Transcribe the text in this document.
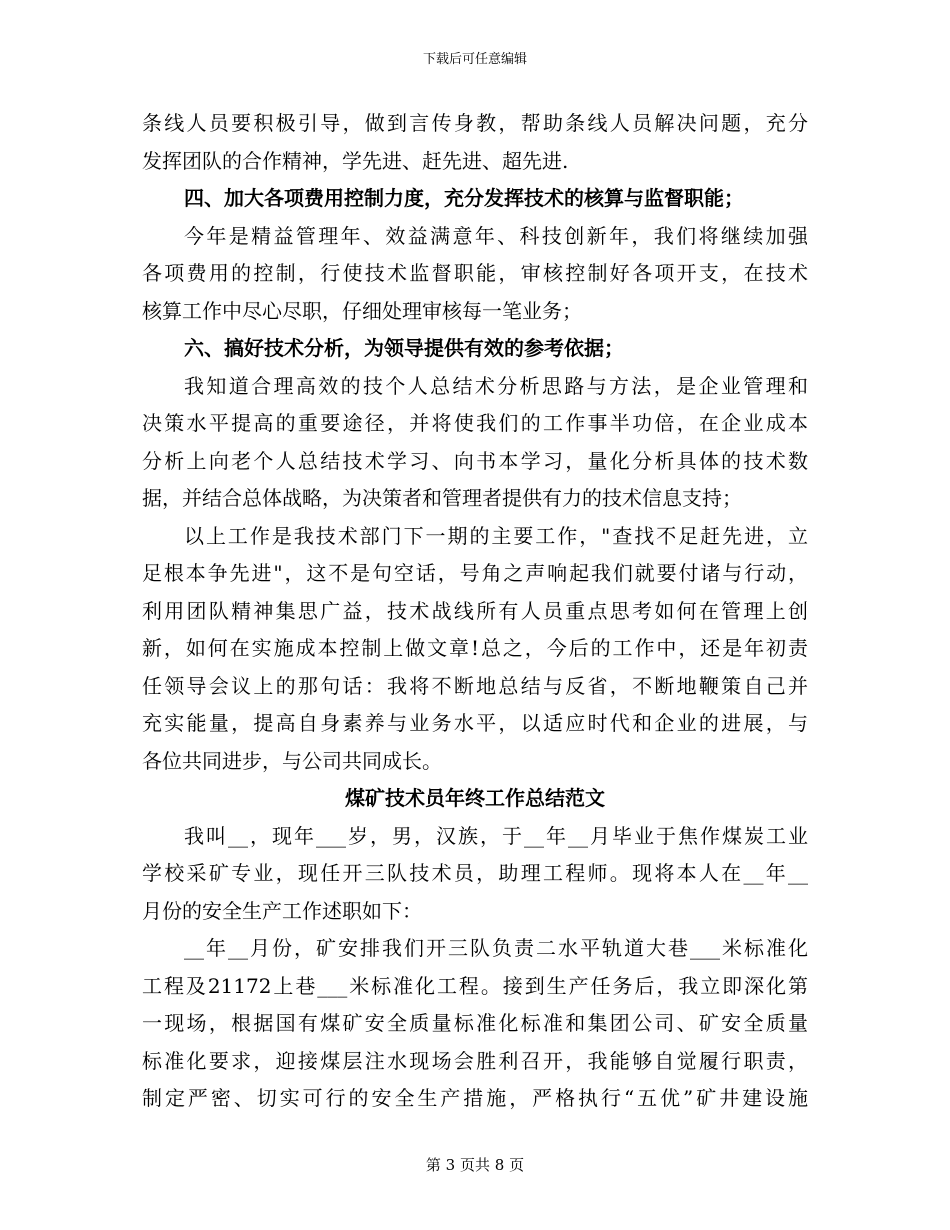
下载后可任意编辑
条线人员要积极引导，做到言传身教，帮助条线人员解决问题，充分
发挥团队的合作精神，学先进、赶先进、超先进.
四、加大各项费用控制力度，充分发挥技术的核算与监督职能；
今年是精益管理年、效益满意年、科技创新年，我们将继续加强
各项费用的控制，行使技术监督职能，审核控制好各项开支，在技术
核算工作中尽心尽职，仔细处理审核每一笔业务；
六、搞好技术分析，为领导提供有效的参考依据；
我知道合理高效的技个人总结术分析思路与方法，是企业管理和
决策水平提高的重要途径，并将使我们的工作事半功倍，在企业成本
分析上向老个人总结技术学习、向书本学习，量化分析具体的技术数
据，并结合总体战略，为决策者和管理者提供有力的技术信息支持；
以上工作是我技术部门下一期的主要工作，"查找不足赶先进，立
足根本争先进"，这不是句空话，号角之声响起我们就要付诸与行动，
利用团队精神集思广益，技术战线所有人员重点思考如何在管理上创
新，如何在实施成本控制上做文章!总之，今后的工作中，还是年初责
任领导会议上的那句话：我将不断地总结与反省，不断地鞭策自己并
充实能量，提高自身素养与业务水平，以适应时代和企业的进展，与
各位共同进步，与公司共同成长。
煤矿技术员年终工作总结范文
我叫__，现年___岁，男，汉族，于__年__月毕业于焦作煤炭工业
学校采矿专业，现任开三队技术员，助理工程师。现将本人在__年__
月份的安全生产工作述职如下：
__年__月份，矿安排我们开三队负责二水平轨道大巷___米标准化
工程及21172上巷___米标准化工程。接到生产任务后，我立即深化第
一现场，根据国有煤矿安全质量标准化标准和集团公司、矿安全质量
标准化要求，迎接煤层注水现场会胜利召开，我能够自觉履行职责，
制定严密、切实可行的安全生产措施，严格执行“五优”矿井建设施
第 3 页共 8 页
